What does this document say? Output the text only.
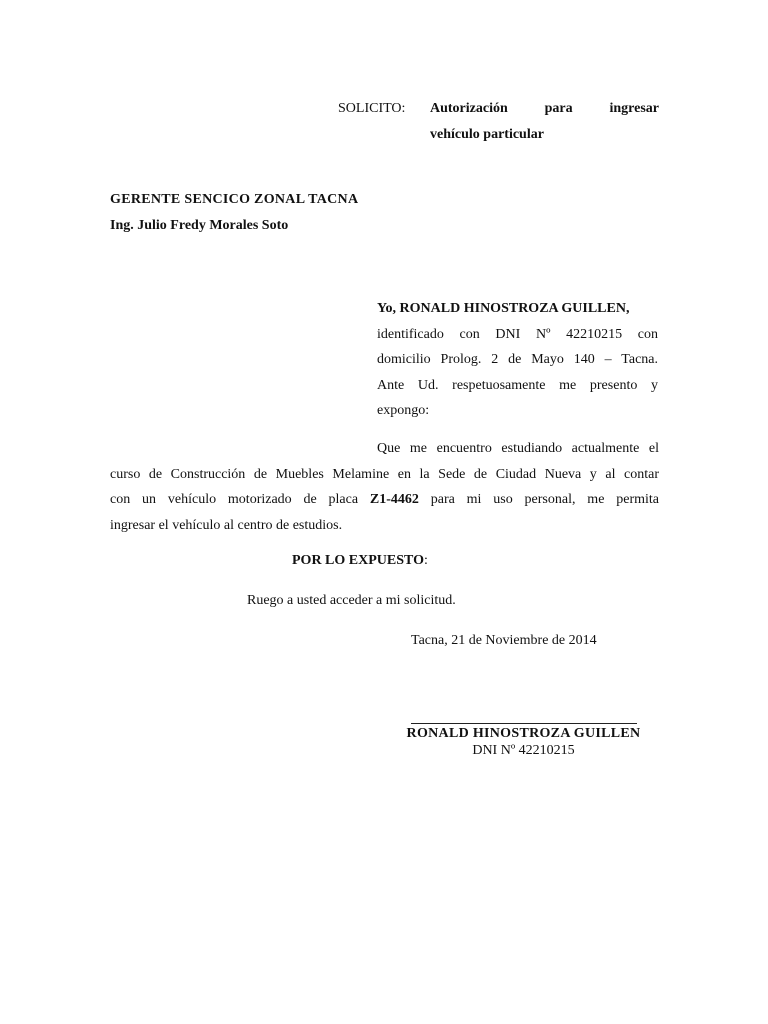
SOLICITO: Autorización	para	ingresar
vehículo particular
GERENTE SENCICO ZONAL TACNA
Ing. Julio Fredy Morales Soto
Yo, RONALD HINOSTROZA GUILLEN,
identificado con DNI Nº 42210215 con
domicilio Prolog. 2 de Mayo 140 – Tacna.
Ante Ud. respetuosamente me presento y
expongo:
Que me encuentro estudiando actualmente el
curso de Construcción de Muebles Melamine en la Sede de Ciudad Nueva y al contar
con un vehículo motorizado de placa Z1-4462 para mi uso personal, me permita
ingresar el vehículo al centro de estudios.
POR LO EXPUESTO:
Ruego a usted acceder a mi solicitud.
Tacna, 21 de Noviembre de 2014
RONALD HINOSTROZA GUILLEN
DNI Nº 42210215
